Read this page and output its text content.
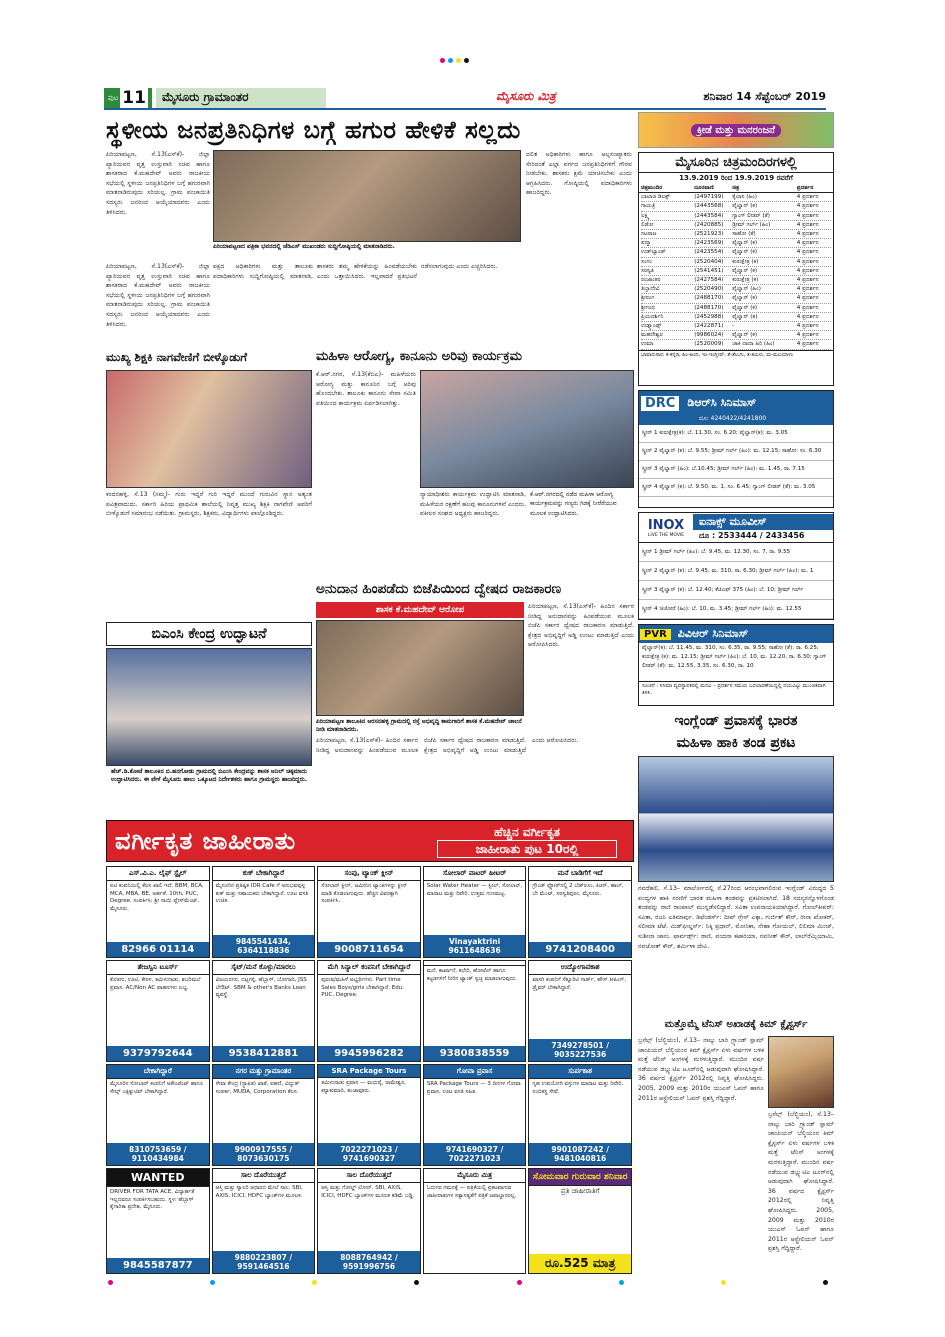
ಪುಟ 11	ಮೈಸೂರು ಗ್ರಾಮಾಂತರ	ಮೈಸೂರು ಮಿತ್ರ	ಶನಿವಾರ 14 ಸೆಪ್ಟೆಂಬರ್ 2019
ಸ್ಥಳೀಯ ಜನಪ್ರತಿನಿಧಿಗಳ ಬಗ್ಗೆ ಹಗುರ ಹೇಳಿಕೆ ಸಲ್ಲದು
ಪಿರಿಯಾಪಟ್ಟಣ, ಸೆ.13(ಎಸ್‌ಕೆ)- ಜಿಲ್ಲಾ ಪ್ಯಾರಿಯವರ ವೃತ್ತ ಉಸ್ತುವಾರಿ ಸಚಿವ ಹಾಗೂ ಶಾಸಕರಾದ ಕೆ.ಮಹದೇವ್ ಅವರು ರಾಜಕೀಯ ಸಭೆಯಲ್ಲಿ ಸ್ಥಳೀಯ ಜನಪ್ರತಿನಿಧಿಗಳ ಬಗ್ಗೆ ಹಗುರವಾಗಿ ಮಾತನಾಡಿರುವುದು ಸರಿಯಲ್ಲ. ಗ್ರಾಮ ಪಂಚಾಯಿತಿ ಸದಸ್ಯರು ಜನರಿಂದ ಆಯ್ಕೆಯಾದವರು ಎಂದು ತಿಳಿಸಿದರು.
ಪಿರಿಯಾಪಟ್ಟಣದ ಪತ್ರಿಕಾ ಭವನದಲ್ಲಿ ಜೆಡಿಎಸ್ ಮುಖಂಡರು ಸುದ್ದಿಗೋಷ್ಠಿಯಲ್ಲಿ ಮಾತನಾಡಿದರು.
ಪಕ್ಷದ ಅಧಿಕಾರಿಗಳು ಮತ್ತು ತಾಲೂಕು ಪದಾಧಿಕಾರಿಗಳು ಸುದ್ದಿಗೋಷ್ಠಿಯಲ್ಲಿ ಮಾತನಾಡಿ, ಶಾಸಕರು ತಮ್ಮ ಹೇಳಿಕೆಯನ್ನು ಹಿಂಪಡೆಯಬೇಕು ಎಂದು ಒತ್ತಾಯಿಸಿದರು. ಇಲ್ಲವಾದರೆ ಪ್ರತಿಭಟನೆ ನಡೆಸಲಾಗುವುದು ಎಂದು ಎಚ್ಚರಿಸಿದರು.
ದಲಿತ ಅಧಿಕಾರಿಗಳು ಹಾಗೂ ಅಲ್ಪಸಂಖ್ಯಾತರು ಸೇರಿದಂತೆ ಎಲ್ಲಾ ವರ್ಗದ ಜನಪ್ರತಿನಿಧಿಗಳಿಗೆ ಗೌರವ ನೀಡಬೇಕು. ಶಾಸಕರು ಕ್ಷಮೆ ಯಾಚಿಸಬೇಕು ಎಂದು ಆಗ್ರಹಿಸಿದರು. ಗೋಷ್ಠಿಯಲ್ಲಿ ಪದಾಧಿಕಾರಿಗಳು ಹಾಜರಿದ್ದರು.
ಪಿರಿಯಾಪಟ್ಟಣ, ಸೆ.13(ಎಸ್‌ಕೆ)- ಜಿಲ್ಲಾ ಪ್ಯಾರಿಯವರ ವೃತ್ತ ಉಸ್ತುವಾರಿ ಸಚಿವ ಹಾಗೂ ಶಾಸಕರಾದ ಕೆ.ಮಹದೇವ್ ಅವರು ರಾಜಕೀಯ ಸಭೆಯಲ್ಲಿ ಸ್ಥಳೀಯ ಜನಪ್ರತಿನಿಧಿಗಳ ಬಗ್ಗೆ ಹಗುರವಾಗಿ ಮಾತನಾಡಿರುವುದು ಸರಿಯಲ್ಲ. ಗ್ರಾಮ ಪಂಚಾಯಿತಿ ಸದಸ್ಯರು ಜನರಿಂದ ಆಯ್ಕೆಯಾದವರು ಎಂದು ತಿಳಿಸಿದರು.
ಮುಖ್ಯ ಶಿಕ್ಷಕಿ ನಾಗವೇಣಿಗೆ ಬೀಳ್ಕೊಡುಗೆ
ಕಂದನಹಳ್ಳಿ, ಸೆ.13 (ನಮ್ಮ)- ಗುರು ಇದ್ದರೆ ಗುರಿ ಇದ್ದರೆ ಮುಂದೆ ಗುರುವಿನ ಸ್ಥಾನ ಅತ್ಯಂತ ಪವಿತ್ರವಾದುದು. ಸರ್ಕಾರಿ ಹಿರಿಯ ಪ್ರಾಥಮಿಕ ಶಾಲೆಯಲ್ಲಿ ನಿವೃತ್ತ ಮುಖ್ಯ ಶಿಕ್ಷಕಿ ನಾಗವೇಣಿ ಅವರಿಗೆ ಬೀಳ್ಕೊಡುಗೆ ಸಮಾರಂಭ ನಡೆಯಿತು. ಗ್ರಾಮಸ್ಥರು, ಶಿಕ್ಷಕರು, ವಿದ್ಯಾರ್ಥಿಗಳು ಪಾಲ್ಗೊಂಡಿದ್ದರು.
ಮಹಿಳಾ ಆರೋಗ್ಯ, ಕಾನೂನು ಅರಿವು ಕಾರ್ಯಕ್ರಮ
ಕೆ.ಆರ್.ನಗರ, ಸೆ.13(ಕೆಬಿಎ)- ಮಹಿಳೆಯರು ಆರೋಗ್ಯ ಮತ್ತು ಕಾನೂನಿನ ಬಗ್ಗೆ ಅರಿವು ಹೊಂದಬೇಕು. ತಾಲೂಕು ಕಾನೂನು ಸೇವಾ ಸಮಿತಿ ವತಿಯಿಂದ ಕಾರ್ಯಕ್ರಮ ಏರ್ಪಡಿಸಲಾಗಿತ್ತು.
ನ್ಯಾಯಾಧೀಶರು ಕಾರ್ಯಕ್ರಮ ಉದ್ಘಾಟಿಸಿ ಮಾತನಾಡಿ, ಮಹಿಳೆಯರ ರಕ್ಷಣೆಗೆ ಹಲವು ಕಾನೂನುಗಳಿವೆ ಎಂದರು. ವಕೀಲರ ಸಂಘದ ಅಧ್ಯಕ್ಷರು ಹಾಜರಿದ್ದರು.
ಕೆ.ಆರ್.ನಗರದಲ್ಲಿ ನಡೆದ ಮಹಿಳಾ ಆರೋಗ್ಯ ಕಾರ್ಯಕ್ರಮವನ್ನು ಗಣ್ಯರು ಗಿಡಕ್ಕೆ ನೀರೆರೆಯುವ ಮೂಲಕ ಉದ್ಘಾಟಿಸಿದರು.
ಅನುದಾನ ಹಿಂಪಡೆದು ಬಿಜೆಪಿಯಿಂದ ದ್ವೇಷದ ರಾಜಕಾರಣ
ಶಾಸಕ ಕೆ.ಮಹದೇವ್ ಆರೋಪ
ಪಿರಿಯಾಪಟ್ಟಣ ತಾಲೂಕಿನ ಅರಸನಹಳ್ಳಿ ಗ್ರಾಮದಲ್ಲಿ ರಸ್ತೆ ಅಭಿವೃದ್ಧಿ ಕಾಮಗಾರಿಗೆ ಶಾಸಕ ಕೆ.ಮಹದೇವ್ ಚಾಲನೆ ನೀಡಿ ಮಾತನಾಡಿದರು.
ಪಿರಿಯಾಪಟ್ಟಣ, ಸೆ.13(ಎಸ್‌ಕೆ)- ಹಿಂದಿನ ಸರ್ಕಾರ ನೀಡಿದ್ದ ಅನುದಾನವನ್ನು ಹಿಂಪಡೆಯುವ ಮೂಲಕ ಬಿಜೆಪಿ ಸರ್ಕಾರ ದ್ವೇಷದ ರಾಜಕಾರಣ ಮಾಡುತ್ತಿದೆ. ಕ್ಷೇತ್ರದ ಅಭಿವೃದ್ಧಿಗೆ ಅಡ್ಡಿ ಉಂಟು ಮಾಡುತ್ತಿದೆ ಎಂದು ಆರೋಪಿಸಿದರು.
ಪಿರಿಯಾಪಟ್ಟಣ, ಸೆ.13(ಎಸ್‌ಕೆ)- ಹಿಂದಿನ ಸರ್ಕಾರ ನೀಡಿದ್ದ ಅನುದಾನವನ್ನು ಹಿಂಪಡೆಯುವ ಮೂಲಕ ಬಿಜೆಪಿ ಸರ್ಕಾರ ದ್ವೇಷದ ರಾಜಕಾರಣ ಮಾಡುತ್ತಿದೆ. ಕ್ಷೇತ್ರದ ಅಭಿವೃದ್ಧಿಗೆ ಅಡ್ಡಿ ಉಂಟು ಮಾಡುತ್ತಿದೆ ಎಂದು ಆರೋಪಿಸಿದರು.
ಬಿಎಂಸಿ ಕೇಂದ್ರ ಉದ್ಘಾಟನೆ
ಹೆಚ್.ಡಿ.ಕೋಟೆ ತಾಲೂಕಿನ ಬಿ.ಹನಗೋಡು ಗ್ರಾಮದಲ್ಲಿ ಬಿಎಂಸಿ ಕೇಂದ್ರವನ್ನು ಶಾಸಕ ಅನಿಲ್ ಚಿಕ್ಕಮಾದು ಉದ್ಘಾಟಿಸಿದರು. ಈ ವೇಳೆ ಮೈಸೂರು ಹಾಲು ಒಕ್ಕೂಟದ ನಿರ್ದೇಶಕರು ಹಾಗೂ ಗ್ರಾಮಸ್ಥರು ಹಾಜರಿದ್ದರು.
ಕ್ರೀಡೆ ಮತ್ತು ಮನರಂಜನೆ
ಮೈಸೂರಿನ ಚಿತ್ರಮಂದಿರಗಳಲ್ಲಿ
13.9.2019 ರಿಂದ 19.9.2019 ರವರೆಗೆ
ಚಿತ್ರಮಂದಿರ	ದೂರವಾಣಿ	ಚಿತ್ರ	ಪ್ರದರ್ಶನ
ಬಾಲಾಜಿ ಡಿಲಕ್ಸ್	(2497199)	ಕೈಲಾಸ (ಹಿಂ)	4 ಪ್ರದರ್ಶನ
ಗಾಯತ್ರಿ	(2443568)	ಪೈಲ್ವಾನ್ (ಕ)	4 ಪ್ರದರ್ಶನ
ಲಕ್ಷ್ಮಿ	(2443584)	ಗ್ಯಾಂಗ್ ಲೀಡರ್ (ತೆ)	4 ಪ್ರದರ್ಶನ
ಲಿಡೋ	(2420885)	ಡ್ರೀಮ್ ಗರ್ಲ್ (ಹಿಂ)	4 ಪ್ರದರ್ಶನ
ನಟರಾಜ	(2521923)	ಸಾಹೋ (ತೆ)	4 ಪ್ರದರ್ಶನ
ಪದ್ಮಾ	(2423569)	ಪೈಲ್ವಾನ್ (ಕ)	4 ಪ್ರದರ್ಶನ
ಉಡ್‌ಲ್ಯಾಂಡ್	(2423554)	ಪೈಲ್ವಾನ್ (ಕ)	4 ಪ್ರದರ್ಶನ
ಸಂಗಂ	(2520404)	ಕುರುಕ್ಷೇತ್ರ (ಕ)	4 ಪ್ರದರ್ಶನ
ಸರಸ್ವತಿ	(2541451)	ಪೈಲ್ವಾನ್ (ಕ)	4 ಪ್ರದರ್ಶನ
ರಂಜಾಂತರ	(2427584)	ಕುರುಕ್ಷೇತ್ರ (ಕ)	4 ಪ್ರದರ್ಶನ
ತಿಬ್ಬಾದೇವಿ	(2520490)	ಪೈಲ್ವಾನ್ (ಹಿಂ)	4 ಪ್ರದರ್ಶನ
ಶ್ರೀರಂಗ	(2488170)	ಪೈಲ್ವಾನ್ (ಕ)	4 ಪ್ರದರ್ಶನ
ಶ್ರೀಗಂಧ	(2488170)	ಪೈಲ್ವಾನ್ (ಕ)	4 ಪ್ರದರ್ಶನ
ಪ್ರಿಯದರ್ಶಿನಿ	(2452988)	ಪೈಲ್ವಾನ್ (ತ)	4 ಪ್ರದರ್ಶನ
ಉಡ್ಗ್ಯಾಂಡ್ಸ್	(2422871)	-	4 ಪ್ರದರ್ಶನ
ಮಹದೇಶ್ವರ	(9986024)	ಪೈಲ್ವಾನ್ (ಕ)	4 ಪ್ರದರ್ಶನ
ಉಮಾ	(2520009)	ಚಾಕಿ ದಾದಾ ಹಿರಿ (ಹಿಂ)	4 ಪ್ರದರ್ಶನ
ಭಾಷಾನುಸಾರ: ಕ-ಕನ್ನಡ, ಹಿಂ-ಹಿಂದಿ, ಇಂ-ಇಂಗ್ಲೀಷ್, ತೆ-ತೆಲುಗು, ತ-ತಮಿಳು, ಮ-ಮಲಯಾಳಂ
DRC	ಡಿಆರ್‌ಸಿ ಸಿನಿಮಾಸ್
ದೂ: 4240422/4241800
ಸ್ಕ್ರೀನ್ 1 ಕುರುಕ್ಷೇತ್ರ(ಕ): ಬೆ. 11.30, ಸಂ. 6.20; ಪೈಲ್ವಾನ್(ಕ): ಮ. 3.05
ಸ್ಕ್ರೀನ್ 2 ಪೈಲ್ವಾನ್ (ಕ): ಬೆ. 9.55; ಡ್ರೀಮ್ ಗರ್ಲ್ (ಹಿಂ): ಮ. 12.15; ಸಾಹೋ: ಸಂ. 6.30
ಸ್ಕ್ರೀನ್ 3 ಪೈಲ್ವಾನ್ (ಹಿಂ): ಬೆ.10.45; ಡ್ರೀಮ್ ಗರ್ಲ್ (ಹಿಂ): ಮ. 1.45, ರಾ. 7.15
ಸ್ಕ್ರೀನ್ 4 ಪೈಲ್ವಾನ್ (ಕ): ಬೆ. 9.50, ಮ. 1, ಸಂ. 6.45; ಗ್ಯಾಂಗ್ ಲೀಡರ್ (ತೆ): ಮ. 3.05
INOX
LIVE THE MOVIE
ಐನಾಕ್ಸ್ ಮೂವೀಸ್
ದೂ : 2533444 / 2433456
ಸ್ಕ್ರೀನ್ 1 ಡ್ರೀಮ್ ಗರ್ಲ್ (ಹಿಂ): ಬೆ. 9.45, ಮ. 12.30, ಸಂ. 7, ರಾ. 9.55
ಸ್ಕ್ರೀನ್ 2 ಪೈಲ್ವಾನ್ (ಕ): ಬೆ. 9.45, ಮ. 310, ರಾ. 6.30; ಡ್ರೀಮ್ ಗರ್ಲ್ (ಹಿಂ): ಮ. 1
ಸ್ಕ್ರೀನ್ 3 ಪೈಲ್ವಾನ್ (ಕ): ಬೆ. 12.40; ಕೆಜಿಎಫ್ 375 (ಹಿಂ): ಬೆ. 10; ಡ್ರೀಮ್ ಗರ್ಲ್
ಸ್ಕ್ರೀನ್ 4 ಚಿಚೋರೆ (ಹಿಂ): ಬೆ. 10, ಮ. 3.45; ಡ್ರೀಮ್ ಗರ್ಲ್ (ಹಿಂ): ಮ. 12.55
PVR	ಪಿವಿಆರ್ ಸಿನಿಮಾಸ್
ಪೈಲ್ವಾನ್(ಕ): ಬೆ. 11.45, ಮ. 310, ಸಂ. 6.35, ರಾ. 9.55; ಸಾಹೋ (ತೆ): ರಾ. 6.25; ಕುರುಕ್ಷೇತ್ರ (ಕ): ಮ. 12.15; ಡ್ರೀಮ್ ಗರ್ಲ್ (ಹಿಂ): ಬೆ. 10, ಮ. 12.20, ರಾ. 6.30; ಗ್ಯಾಂಗ್ ಲೀಡರ್ (ತೆ): ಮ. 12.55, 3.35, ಸಂ. 6.30, ರಾ. 10
ಸೂಚನೆ : ಸಿನಿಮಾ ವ್ಯವಸ್ಥಾಪಕರಲ್ಲಿ ಮನವಿ – ಪ್ರದರ್ಶನ ಸಮಯ ಬದಲಾವಣೆಯಿದ್ದಲ್ಲಿ ದಯವಿಟ್ಟು ಮುಂಚಿತವಾಗಿ ತಿಳಿಸಿ.
ಇಂಗ್ಲೆಂಡ್ ಪ್ರವಾಸಕ್ಕೆ ಭಾರತ
ಮಹಿಳಾ ಹಾಕಿ ತಂಡ ಪ್ರಕಟ
ನವದೆಹಲಿ, ಸೆ.13– ಮಾರ್ಲೋದಲ್ಲಿ ಸೆ.27ರಿಂದ ಆರಂಭವಾಗಲಿರುವ ಇಂಗ್ಲೆಂಡ್ ವಿರುದ್ಧದ 5 ಪಂದ್ಯಗಳ ಹಾಕಿ ಸರಣಿಗೆ ಭಾರತ ಮಹಿಳಾ ತಂಡವನ್ನು ಪ್ರಕಟಿಸಲಾಗಿದೆ. 18 ಸದಸ್ಯರನ್ನೊಳಗೊಂಡ ತಂಡವನ್ನು ರಾಣಿ ರಾಂಪಾಲ್ ಮುನ್ನಡೆಸಲಿದ್ದಾರೆ. ಸವಿತಾ ಉಪನಾಯಕಿಯಾಗಿದ್ದಾರೆ. ಗೋಲ್‌ಕೀಪರ್: ಸವಿತಾ, ರಜನಿ ಎತಿಮಾರ್ಪು. ಡಿಫೆಂಡರ್ಸ್: ದೀಪ್ ಗ್ರೇಸ್ ಎಕ್ಕಾ, ಗುರ್ಜಿತ್ ಕೌರ್, ರೀನಾ ಖೋಕರ್, ಸಲೀಮಾ ಟೆಟೆ. ಮಿಡ್‌ಫೀಲ್ಡರ್ಸ್: ನಿಕ್ಕಿ ಪ್ರಧಾನ್, ಮೋನಿಕಾ, ನೇಹಾ ಗೋಯಲ್, ಲಿಲಿಮಾ ಮಿಂಜ್, ಸುಶೀಲಾ ಚಾನು. ಫಾರ್ವರ್ಡ್ಸ್: ರಾಣಿ, ವಂದನಾ ಕಟಾರಿಯಾ, ನವನೀತ್ ಕೌರ್, ಲಾಲ್‌ರೆಮ್ಸಿಯಾಮಿ, ನವಜೋತ್ ಕೌರ್, ಶರ್ಮಿಳಾ ದೇವಿ.
ಮತ್ತೊಮ್ಮೆ ಟೆನಿಸ್ ಅಖಾಡಕ್ಕೆ ಕಿಮ್ ಕ್ಲೈಸ್ಟರ್ಸ್
ಬ್ರಸೆಲ್ಸ್ (ಬೆಲ್ಜಿಯಂ), ಸೆ.13– ನಾಲ್ಕು ಬಾರಿ ಗ್ರ್ಯಾಂಡ್ ಸ್ಲಾಮ್ ಚಾಂಪಿಯನ್ ಬೆಲ್ಜಿಯಂನ ಕಿಮ್ ಕ್ಲೈಸ್ಟರ್ಸ್ ಏಳು ವರ್ಷಗಳ ಬಳಿಕ ಮತ್ತೆ ಟೆನಿಸ್ ಅಂಗಳಕ್ಕೆ ಮರಳುತ್ತಿದ್ದಾರೆ. ಮುಂದಿನ ವರ್ಷ ನಡೆಯುವ ಡಬ್ಲ್ಯುಟಿಎ ಟೂರ್‌ನಲ್ಲಿ ಆಡುವುದಾಗಿ ಘೋಷಿಸಿದ್ದಾರೆ. 36 ವರ್ಷದ ಕ್ಲೈಸ್ಟರ್ಸ್ 2012ರಲ್ಲಿ ನಿವೃತ್ತಿ ಘೋಷಿಸಿದ್ದರು. 2005, 2009 ಮತ್ತು 2010ರ ಯುಎಸ್ ಓಪನ್ ಹಾಗೂ 2011ರ ಆಸ್ಟ್ರೇಲಿಯನ್ ಓಪನ್ ಪ್ರಶಸ್ತಿ ಗೆದ್ದಿದ್ದಾರೆ.
ಬ್ರಸೆಲ್ಸ್ (ಬೆಲ್ಜಿಯಂ), ಸೆ.13– ನಾಲ್ಕು ಬಾರಿ ಗ್ರ್ಯಾಂಡ್ ಸ್ಲಾಮ್ ಚಾಂಪಿಯನ್ ಬೆಲ್ಜಿಯಂನ ಕಿಮ್ ಕ್ಲೈಸ್ಟರ್ಸ್ ಏಳು ವರ್ಷಗಳ ಬಳಿಕ ಮತ್ತೆ ಟೆನಿಸ್ ಅಂಗಳಕ್ಕೆ ಮರಳುತ್ತಿದ್ದಾರೆ. ಮುಂದಿನ ವರ್ಷ ನಡೆಯುವ ಡಬ್ಲ್ಯುಟಿಎ ಟೂರ್‌ನಲ್ಲಿ ಆಡುವುದಾಗಿ ಘೋಷಿಸಿದ್ದಾರೆ. 36 ವರ್ಷದ ಕ್ಲೈಸ್ಟರ್ಸ್ 2012ರಲ್ಲಿ ನಿವೃತ್ತಿ ಘೋಷಿಸಿದ್ದರು. 2005, 2009 ಮತ್ತು 2010ರ ಯುಎಸ್ ಓಪನ್ ಹಾಗೂ 2011ರ ಆಸ್ಟ್ರೇಲಿಯನ್ ಓಪನ್ ಪ್ರಶಸ್ತಿ ಗೆದ್ದಿದ್ದಾರೆ.
ವರ್ಗೀಕೃತ ಜಾಹೀರಾತು	ಹೆಚ್ಚಿನ ವರ್ಗೀಕೃತ
ಜಾಹೀರಾತು ಪುಟ 10ರಲ್ಲಿ
ಎಸ್.ವಿ.ಎ. ಲೈಫ್ ಸ್ಟೈಲ್
ಐಟಿ ಕಂಪನಿಯಲ್ಲಿ ಕೆಲಸ ಖಾಲಿ ಇದೆ. BBM, BCA, MCA, MBA, BE, ಅರ್ಹತೆ. 10th, PUC, Degree. ಸಂಪರ್ಕಿಸಿ: ಶ್ರೀ ಸಾಯಿ ಪ್ಲೇಸ್‌ಮೆಂಟ್, ಮೈಸೂರು.
82966 01114
ಕುಕ್ ಬೇಕಾಗಿದ್ದಾರೆ
ಮೈಸೂರಿನ ಪ್ರತಿಷ್ಠಿತ IDR Cafe ಗೆ ಅನುಭವವುಳ್ಳ ಕುಕ್ ಮತ್ತು ಸಹಾಯಕರು ಬೇಕಾಗಿದ್ದಾರೆ. ಊಟ ವಸತಿ ಉಚಿತ.
9845541434, 6364118836
ಸಂಪು, ಟ್ಯಾಂಕ್ ಕ್ಲೀನ್
ಸೋಲಾರ್ ಕ್ಲೀನ್, ಜಮೀನಿನ ಟ್ಯಾಂಕಿಗಳನ್ನು ಕ್ಲೀನ್ ಮಾಡಿ ಕೊಡಲಾಗುವುದು. ಹೆಚ್ಚಿನ ವಿವರಕ್ಕಾಗಿ ಸಂಪರ್ಕಿಸಿ.
9008711654
ಸೋಲಾರ್ ವಾಟರ್ ಹೀಟರ್
Solar Water Heater — ಸ್ಟೀಲ್, ಸೋಲಾರ್, ಮಾರಾಟ ಮತ್ತು ರಿಪೇರಿ. ಉತ್ತಮ ಗುಣಮಟ್ಟ.
Vinayaktrini 9611648636
ಮನೆ ಬಾಡಿಗೆಗೆ ಇದೆ
ಗ್ರೌಂಡ್ ಫ್ಲೋರ್‌ನಲ್ಲಿ 2 ಬೆಡ್‌ರೂಂ, ಕಿಚನ್, ಹಾಲ್, ಬೇ ಮೆಂಟ್, ಸರಸ್ವತಿಪುರಂ, ಮೈಸೂರು.
9741208400
ತೇಜಸ್ವಿನಿ ಟೂರ್ಸ್
ಕೊಡಗು, ಊಟಿ, ಕೇರಳ, ತಮಿಳುನಾಡು, ಶಬರಿಮಲೆ ಪ್ರವಾಸ. AC/Non AC ವಾಹನಗಳು ಲಭ್ಯ.
9379792644
ಸೈಟ್/ಮನೆ ಕೊಳ್ಳು/ಮಾರಲು
ವಿಜಯನಗರ, ದಟ್ಟಗಳ್ಳಿ, ಹೆಬ್ಬಾಳ್, ಬೋಗಾದಿ, JSS ಲೇಔಟ್. SBM & other's Banks Loan ವ್ಯವಸ್ಥೆ.
9538412881
ಮೆಗಿ ಸಿನ್ಯಾಲ್ ಕಂಪನಿಗೆ ಬೇಕಾಗಿದ್ದಾರೆ
ಪುರುಷ/ಮಹಿಳೆ ಅಭ್ಯರ್ಥಿಗಳು. Part time Sales Boys/girls ಬೇಕಾಗಿದ್ದಾರೆ. Edu: PUC, Degree.
9945996282
ಮನೆ, ಕಾರ್ಖಾನೆ, ಕಛೇರಿ, ಹೋಟೆಲ್ ಹಾಗೂ ಕಟ್ಟಡಗಳಿಗೆ ನೀರಿನ ಟ್ಯಾಂಕ್ ಸ್ವಚ್ಛ ಮಾಡಲಾಗುವುದು.
9380838559
ಉದ್ಯೋಗಾವಕಾಶ
ಖಾಸಗಿ ಕಂಪನಿಗೆ ಸೆಕ್ಯೂರಿಟಿ ಗಾರ್ಡ್, ಹೌಸ್ ಕೀಪಿಂಗ್, ಡ್ರೈವರ್ ಬೇಕಾಗಿದ್ದಾರೆ.
7349278501 / 9035227536
ಬೇಕಾಗಿದ್ದಾರೆ
ಮೈಸೂರಿನ ಸೋಲಾರ್ ಕಂಪನಿಗೆ ಅಕೌಂಟೆಂಟ್ ಹಾಗೂ ಸೇಲ್ಸ್ ಎಕ್ಸಿಕ್ಯುಟಿವ್ ಬೇಕಾಗಿದ್ದಾರೆ.
8310753659 / 9110434984
ನಗರ ಮತ್ತು ಗ್ರಾಮಾಂತರ
ಸೇವಾ ಕೇಂದ್ರ (ಸ್ಥಾಪಿತ) ಖಾತೆ, ಪಹಣಿ, ವಿದ್ಯುತ್ ಸಂಪರ್ಕ, MUDA, Corporation ಕೆಲಸ.
9900917555 / 8073630175
SRA Package Tours
ತಮಿಳುನಾಡು ಪ್ರವಾಸ — ಮಧುರೈ, ರಾಮೇಶ್ವರ, ಕನ್ಯಾಕುಮಾರಿ, ತಂಜಾವೂರು.
7022271023 / 9741690327
ಗೋವಾ ಪ್ರವಾಸ
SRA Package Tours — 3 ದಿನಗಳ ಗೋವಾ ಪ್ರವಾಸ, ಊಟ ವಸತಿ ಸಹಿತ.
9741690327 / 7022271023
ಸುರ್ಪಕಾಶ
ಗೃಹ ಉಪಯೋಗಿ ವಸ್ತುಗಳ ಮಾರಾಟ ಮತ್ತು ರಿಪೇರಿ. ನಂಬಿಕಸ್ಥ ಸೇವೆ.
9901087242 / 9481040816
WANTED
DRIVER FOR TATA ACE. ವಿದ್ಯಾರ್ಹತೆ ಇಲ್ಲದವರೂ ಸಂಪರ್ಕಿಸಬಹುದು. ಸ್ಥಳ: ಹೆಬ್ಬಾಳ್ ಕೈಗಾರಿಕಾ ಪ್ರದೇಶ, ಮೈಸೂರು.
9845587877
ಸಾಲ ದೊರೆಯುತ್ತದೆ
ಆಸ್ತಿ ಮತ್ತು ಸ್ಯಾಲರಿ ಆಧಾರದ ಮೇಲೆ ಸಾಲ. SBI, AXIS, ICICI, HDFC ಬ್ಯಾಂಕ್‌ಗಳ ಮೂಲಕ.
9880223807 / 9591464516
ಸಾಲ ದೊರೆಯುತ್ತದೆ
ಆಸ್ತಿ ಮತ್ತು ಗೋಲ್ಡ್ ಲೋನ್. SBI, AXIS, ICICI, HDFC ಬ್ಯಾಂಕ್‌ಗಳ ಮೂಲಕ ಕಡಿಮೆ ಬಡ್ಡಿ.
8088764942 / 9591996756
ಮೈಸೂರು ಮಿತ್ರ
ಓದುಗರ ಗಮನಕ್ಕೆ — ಪತ್ರಿಕೆಯಲ್ಲಿ ಪ್ರಕಟವಾಗುವ ಜಾಹೀರಾತುಗಳ ಸತ್ಯಾಸತ್ಯತೆಗೆ ಪತ್ರಿಕೆ ಜವಾಬ್ದಾರರಲ್ಲ.
ಸೋಮವಾರ ಗುರುವಾರ ಶನಿವಾರ
ಪ್ರತಿ ಜಾಹೀರಾತಿಗೆ
ರೂ.525 ಮಾತ್ರ
